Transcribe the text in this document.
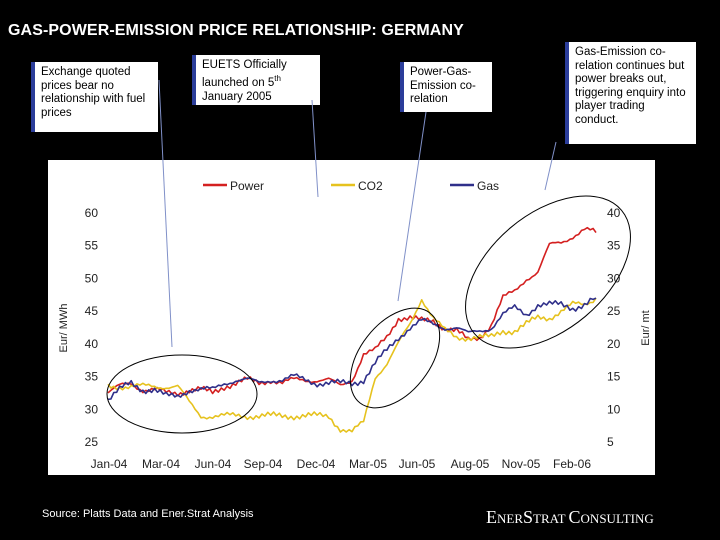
GAS-POWER-EMISSION PRICE RELATIONSHIP: GERMANY
Exchange quoted prices bear no relationship with fuel prices
EUETS Officially launched on 5th January 2005
Power-Gas-Emission co-relation
Gas-Emission co-relation continues but power breaks out, triggering enquiry into player trading conduct.
60
55
50
45
40
35
30
25
40
35
30
25
20
15
10
5
Jan-04 Mar-04 Jun-04 Sep-04 Dec-04 Mar-05 Jun-05 Aug-05 Nov-05 Feb-06
Eur/ MWh	Eur/ mt
Power	CO2	Gas
Source: Platts Data and Ener.Strat Analysis	ENERSTRAT CONSULTING
